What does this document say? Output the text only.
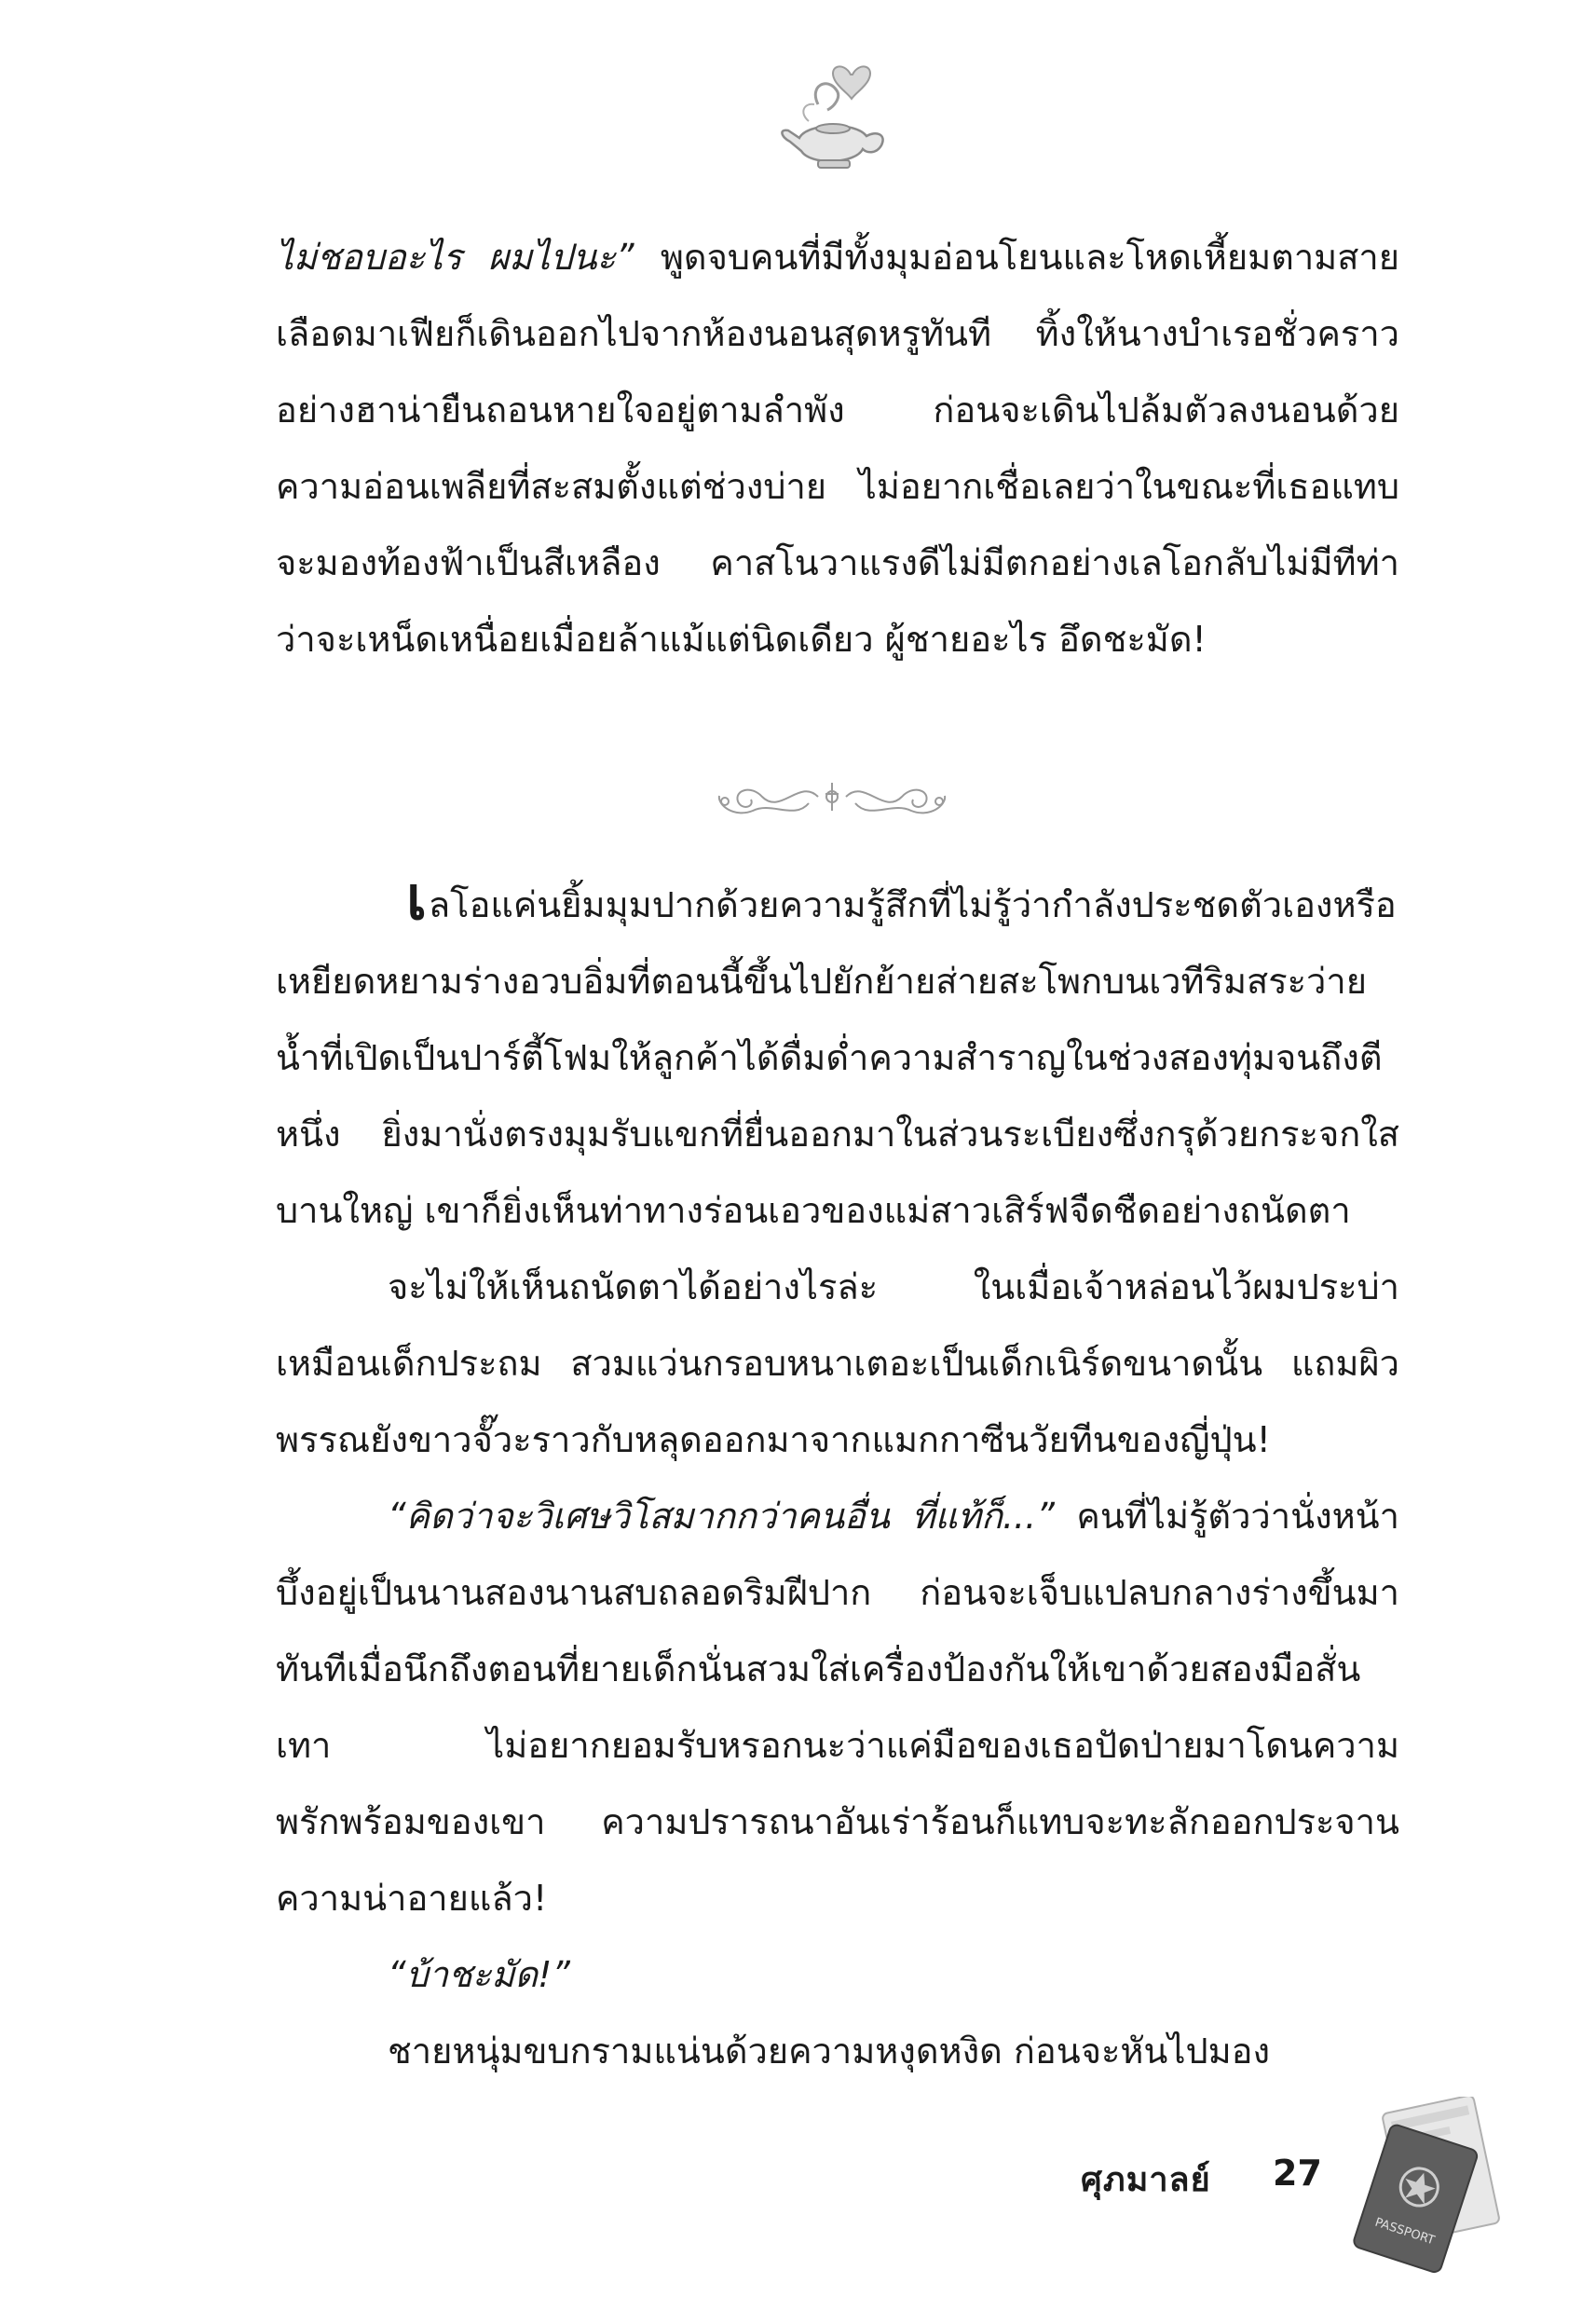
ไม่ชอบอะไร ผมไปนะ” พูดจบคนที่มีทั้งมุมอ่อนโยนและโหดเหี้ยมตามสายเลือดมาเฟียก็เดินออกไปจากห้องนอนสุดหรูทันที ทิ้งให้นางบำเรอชั่วคราวอย่างฮาน่ายืนถอนหายใจอยู่ตามลำพัง ก่อนจะเดินไปล้มตัวลงนอนด้วยความอ่อนเพลียที่สะสมตั้งแต่ช่วงบ่าย ไม่อยากเชื่อเลยว่าในขณะที่เธอแทบจะมองท้องฟ้าเป็นสีเหลือง คาสโนวาแรงดีไม่มีตกอย่างเลโอกลับไม่มีทีท่าว่าจะเหน็ดเหนื่อยเมื่อยล้าแม้แต่นิดเดียว ผู้ชายอะไร อึดชะมัด!

เลโอแค่นยิ้มมุมปากด้วยความรู้สึกที่ไม่รู้ว่ากำลังประชดตัวเองหรือเหยียดหยามร่างอวบอิ่มที่ตอนนี้ขึ้นไปยักย้ายส่ายสะโพกบนเวทีริมสระว่ายน้ำที่เปิดเป็นปาร์ตี้โฟมให้ลูกค้าได้ดื่มด่ำความสำราญในช่วงสองทุ่มจนถึงตีหนึ่ง ยิ่งมานั่งตรงมุมรับแขกที่ยื่นออกมาในส่วนระเบียงซึ่งกรุด้วยกระจกใสบานใหญ่ เขาก็ยิ่งเห็นท่าทางร่อนเอวของแม่สาวเสิร์ฟจืดชืดอย่างถนัดตา

จะไม่ให้เห็นถนัดตาได้อย่างไรล่ะ ในเมื่อเจ้าหล่อนไว้ผมประบ่าเหมือนเด็กประถม สวมแว่นกรอบหนาเตอะเป็นเด็กเนิร์ดขนาดนั้น แถมผิวพรรณยังขาวจั๊วะราวกับหลุดออกมาจากแมกกาซีนวัยทีนของญี่ปุ่น!

“คิดว่าจะวิเศษวิโสมากกว่าคนอื่น ที่แท้ก็...” คนที่ไม่รู้ตัวว่านั่งหน้าบึ้งอยู่เป็นนานสองนานสบถลอดริมฝีปาก ก่อนจะเจ็บแปลบกลางร่างขึ้นมาทันทีเมื่อนึกถึงตอนที่ยายเด็กนั่นสวมใส่เครื่องป้องกันให้เขาด้วยสองมือสั่นเทา ไม่อยากยอมรับหรอกนะว่าแค่มือของเธอปัดป่ายมาโดนความพรักพร้อมของเขา ความปรารถนาอันเร่าร้อนก็แทบจะทะลักออกประจานความน่าอายแล้ว!

“บ้าชะมัด!”

ชายหนุ่มขบกรามแน่นด้วยความหงุดหงิด ก่อนจะหันไปมอง

ศุภมาลย์ 27
PASSPORT
